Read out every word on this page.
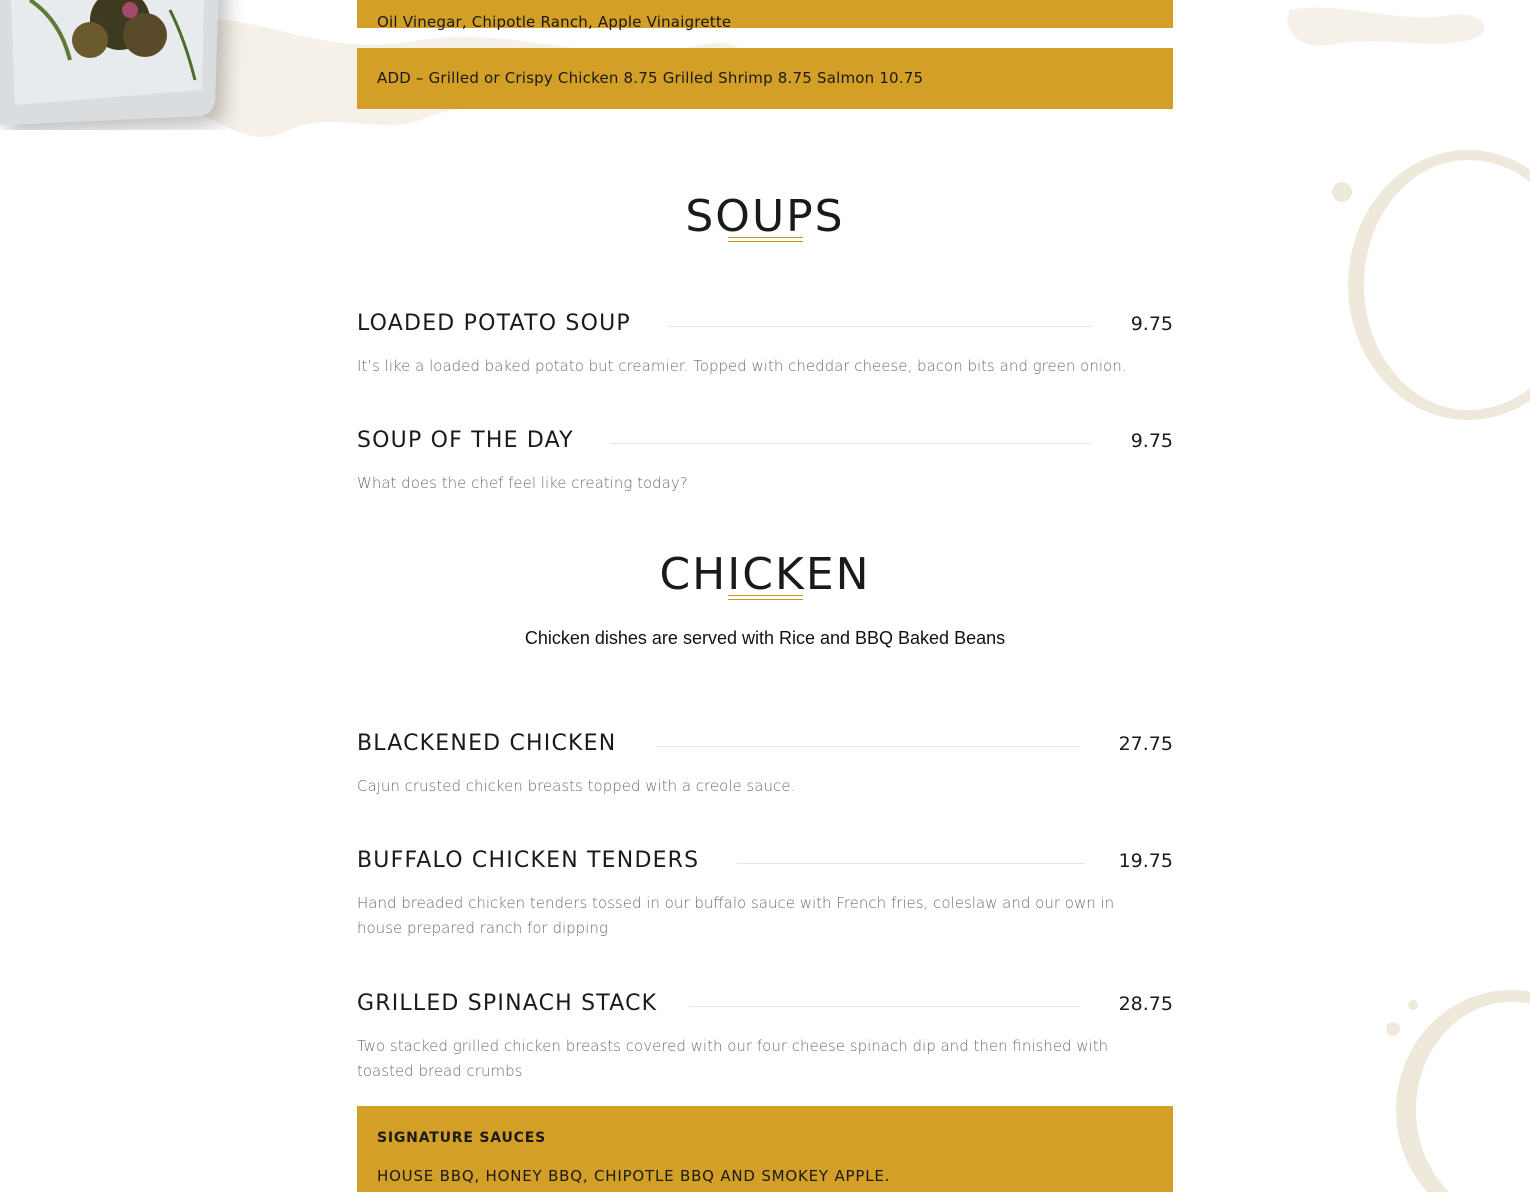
Oil Vinegar, Chipotle Ranch, Apple Vinaigrette
ADD – Grilled or Crispy Chicken 8.75 Grilled Shrimp 8.75 Salmon 10.75
SOUPS
LOADED POTATO SOUP	9.75

It’s like a loaded baked potato but creamier. Topped with cheddar cheese, bacon bits and green onion.

SOUP OF THE DAY	9.75

What does the chef feel like creating today?

CHICKEN

Chicken dishes are served with Rice and BBQ Baked Beans

BLACKENED CHICKEN	27.75

Cajun crusted chicken breasts topped with a creole sauce.

BUFFALO CHICKEN TENDERS	19.75

Hand breaded chicken tenders tossed in our buffalo sauce with French fries, coleslaw and our own in house prepared ranch for dipping

GRILLED SPINACH STACK	28.75

Two stacked grilled chicken breasts covered with our four cheese spinach dip and then finished with toasted bread crumbs

SIGNATURE SAUCES
HOUSE BBQ, HONEY BBQ, CHIPOTLE BBQ AND SMOKEY APPLE.
